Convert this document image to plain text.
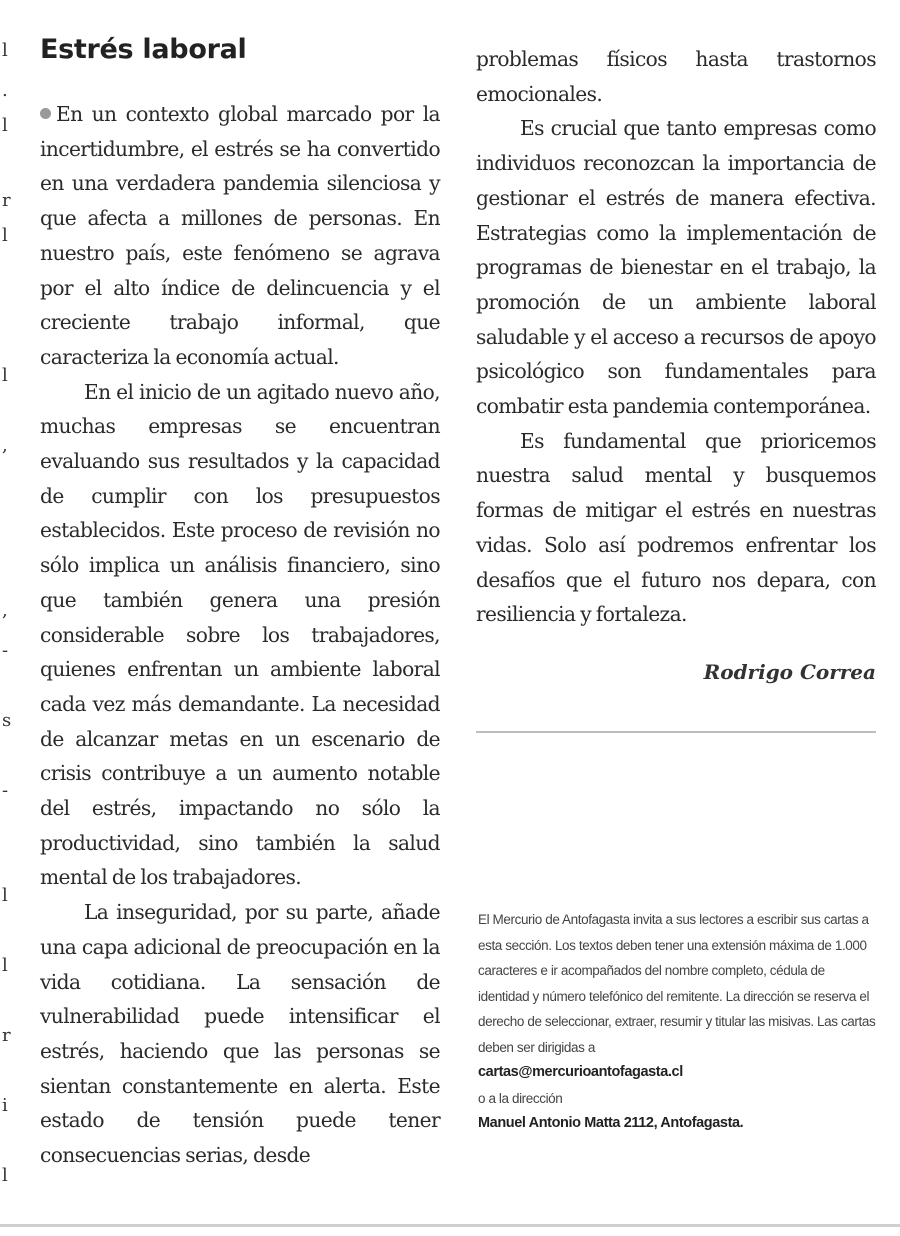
l
.
l
r
l
l
,
,
-
s
-
l
l
r
i
l
Estrés laboral

En un contexto global marcado por la incertidumbre, el estrés se ha convertido en una verdadera pandemia silenciosa y que afecta a millones de personas. En nuestro país, este fenómeno se agrava por el alto índice de delincuencia y el creciente trabajo informal, que caracteriza la economía actual.

En el inicio de un agitado nuevo año, muchas empresas se encuentran evaluando sus resultados y la capacidad de cumplir con los presupuestos establecidos. Este proceso de revisión no sólo implica un análisis financiero, sino que también genera una presión considerable sobre los trabajadores, quienes enfrentan un ambiente laboral cada vez más demandante. La necesidad de alcanzar metas en un escenario de crisis contribuye a un aumento notable del estrés, impactando no sólo la productividad, sino también la salud mental de los trabajadores.

La inseguridad, por su parte, añade una capa adicional de preocupación en la vida cotidiana. La sensación de vulnerabilidad puede intensificar el estrés, haciendo que las personas se sientan constantemente en alerta. Este estado de tensión puede tener consecuencias serias, desde

problemas físicos hasta trastornos emocionales.

Es crucial que tanto empresas como individuos reconozcan la importancia de gestionar el estrés de manera efectiva. Estrategias como la implementación de programas de bienestar en el trabajo, la promoción de un ambiente laboral saludable y el acceso a recursos de apoyo psicológico son fundamentales para combatir esta pandemia contemporánea.

Es fundamental que prioricemos nuestra salud mental y busquemos formas de mitigar el estrés en nuestras vidas. Solo así podremos enfrentar los desafíos que el futuro nos depara, con resiliencia y fortaleza.

Rodrigo Correa

El Mercurio de Antofagasta invita a sus lectores a escribir sus cartas a esta sección. Los textos deben tener una extensión máxima de 1.000 caracteres e ir acompañados del nombre completo, cédula de identidad y número telefónico del remitente. La dirección se reserva el derecho de seleccionar, extraer, resumir y titular las misivas. Las cartas deben ser dirigidas a

cartas@mercurioantofagasta.cl

o a la dirección

Manuel Antonio Matta 2112, Antofagasta.
